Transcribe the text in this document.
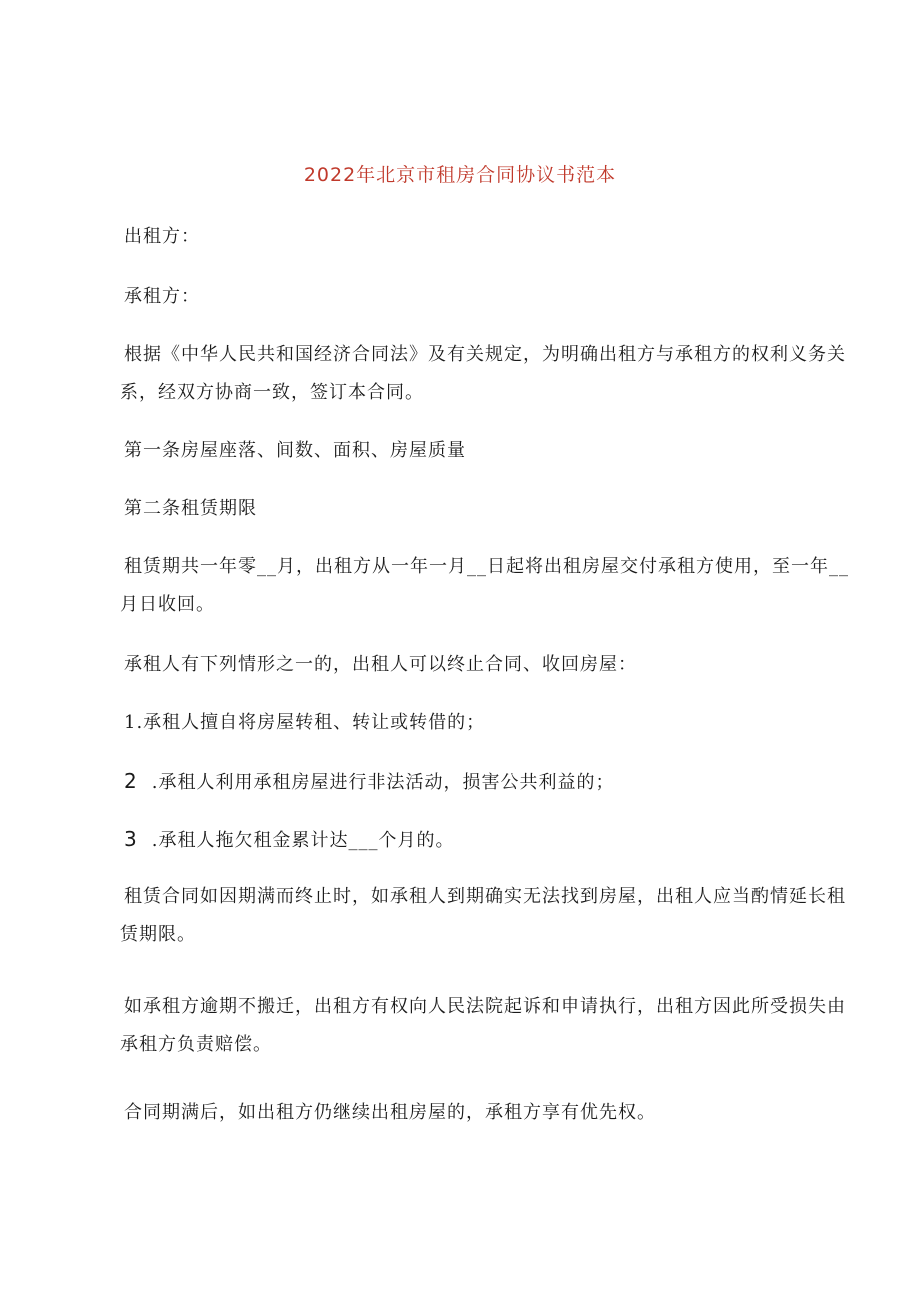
2022年北京市租房合同协议书范本
出租方：
承租方：
根据《中华人民共和国经济合同法》及有关规定，为明确出租方与承租方的权利义务关
系，经双方协商一致，签订本合同。
第一条房屋座落、间数、面积、房屋质量
第二条租赁期限
租赁期共一年零__月，出租方从一年一月__日起将出租房屋交付承租方使用，至一年__
月日收回。
承租人有下列情形之一的，出租人可以终止合同、收回房屋：
1.承租人擅自将房屋转租、转让或转借的；
2 .承租人利用承租房屋进行非法活动，损害公共利益的；
3 .承租人拖欠租金累计达___个月的。
租赁合同如因期满而终止时，如承租人到期确实无法找到房屋，出租人应当酌情延长租
赁期限。
如承租方逾期不搬迁，出租方有权向人民法院起诉和申请执行，出租方因此所受损失由
承租方负责赔偿。
合同期满后，如出租方仍继续出租房屋的，承租方享有优先权。
